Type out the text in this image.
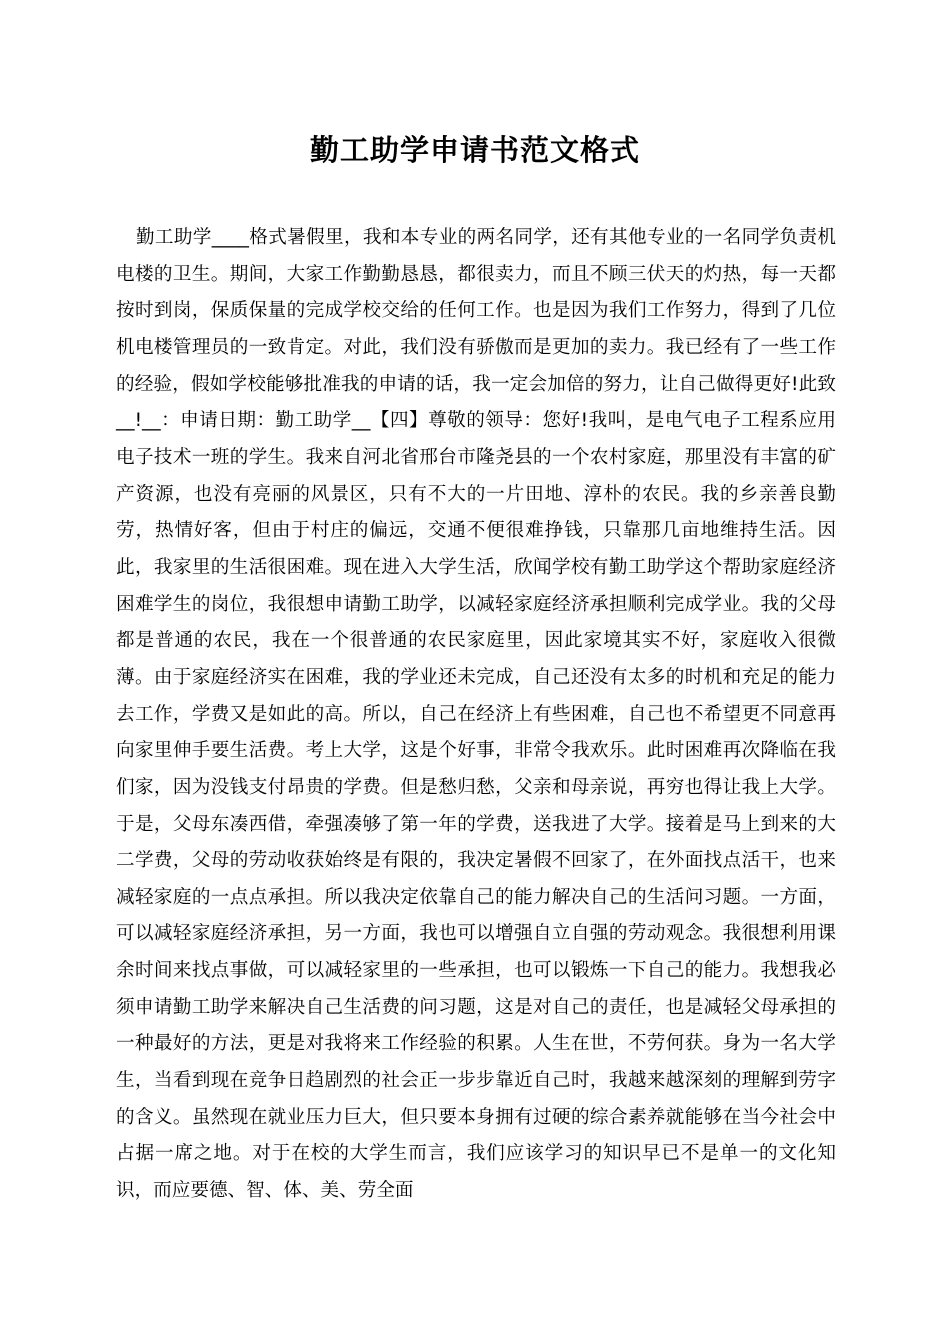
勤工助学申请书范文格式

勤工助学____格式暑假里，我和本专业的两名同学，还有其他专业的一名同学负责机电楼的卫生。期间，大家工作勤勤恳恳，都很卖力，而且不顾三伏天的灼热，每一天都按时到岗，保质保量的完成学校交给的任何工作。也是因为我们工作努力，得到了几位机电楼管理员的一致肯定。对此，我们没有骄傲而是更加的卖力。我已经有了一些工作的经验，假如学校能够批准我的申请的话，我一定会加倍的努力，让自己做得更好!此致__!__：申请日期：勤工助学__【四】尊敬的领导：您好!我叫，是电气电子工程系应用电子技术一班的学生。我来自河北省邢台市隆尧县的一个农村家庭，那里没有丰富的矿产资源，也没有亮丽的风景区，只有不大的一片田地、淳朴的农民。我的乡亲善良勤劳，热情好客，但由于村庄的偏远，交通不便很难挣钱，只靠那几亩地维持生活。因此，我家里的生活很困难。现在进入大学生活，欣闻学校有勤工助学这个帮助家庭经济困难学生的岗位，我很想申请勤工助学，以减轻家庭经济承担顺利完成学业。我的父母都是普通的农民，我在一个很普通的农民家庭里，因此家境其实不好，家庭收入很微薄。由于家庭经济实在困难，我的学业还未完成，自己还没有太多的时机和充足的能力去工作，学费又是如此的高。所以，自己在经济上有些困难，自己也不希望更不同意再向家里伸手要生活费。考上大学，这是个好事，非常令我欢乐。此时困难再次降临在我们家，因为没钱支付昂贵的学费。但是愁归愁，父亲和母亲说，再穷也得让我上大学。于是，父母东凑西借，牵强凑够了第一年的学费，送我进了大学。接着是马上到来的大二学费，父母的劳动收获始终是有限的，我决定暑假不回家了，在外面找点活干，也来减轻家庭的一点点承担。所以我决定依靠自己的能力解决自己的生活问习题。一方面，可以减轻家庭经济承担，另一方面，我也可以增强自立自强的劳动观念。我很想利用课余时间来找点事做，可以减轻家里的一些承担，也可以锻炼一下自己的能力。我想我必须申请勤工助学来解决自己生活费的问习题，这是对自己的责任，也是减轻父母承担的一种最好的方法，更是对我将来工作经验的积累。人生在世，不劳何获。身为一名大学生，当看到现在竞争日趋剧烈的社会正一步步靠近自己时，我越来越深刻的理解到劳字的含义。虽然现在就业压力巨大，但只要本身拥有过硬的综合素养就能够在当今社会中占据一席之地。对于在校的大学生而言，我们应该学习的知识早已不是单一的文化知识，而应要德、智、体、美、劳全面
